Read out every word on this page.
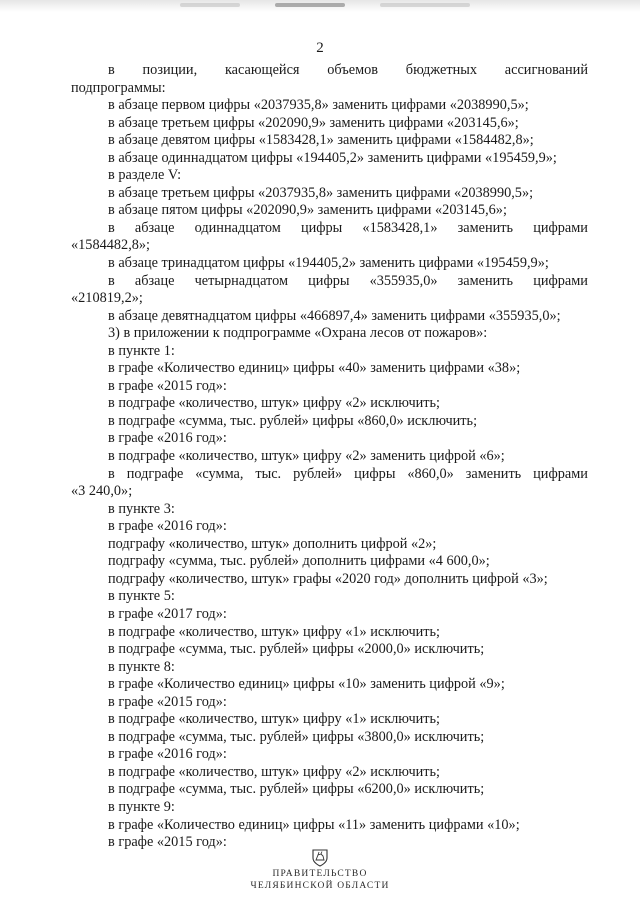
2
в позиции, касающейся объемов бюджетных ассигнований
подпрограммы:
в абзаце первом цифры «2037935,8» заменить цифрами «2038990,5»;
в абзаце третьем цифры «202090,9» заменить цифрами «203145,6»;
в абзаце девятом цифры «1583428,1» заменить цифрами «1584482,8»;
в абзаце одиннадцатом цифры «194405,2» заменить цифрами «195459,9»;
в разделе V:
в абзаце третьем цифры «2037935,8» заменить цифрами «2038990,5»;
в абзаце пятом цифры «202090,9» заменить цифрами «203145,6»;
в абзаце одиннадцатом цифры «1583428,1» заменить цифрами
«1584482,8»;
в абзаце тринадцатом цифры «194405,2» заменить цифрами «195459,9»;
в абзаце четырнадцатом цифры «355935,0» заменить цифрами
«210819,2»;
в абзаце девятнадцатом цифры «466897,4» заменить цифрами «355935,0»;
3) в приложении к подпрограмме «Охрана лесов от пожаров»:
в пункте 1:
в графе «Количество единиц» цифры «40» заменить цифрами «38»;
в графе «2015 год»:
в подграфе «количество, штук» цифру «2» исключить;
в подграфе «сумма, тыс. рублей» цифры «860,0» исключить;
в графе «2016 год»:
в подграфе «количество, штук» цифру «2» заменить цифрой «6»;
в подграфе «сумма, тыс. рублей» цифры «860,0» заменить цифрами
«3 240,0»;
в пункте 3:
в графе «2016 год»:
подграфу «количество, штук» дополнить цифрой «2»;
подграфу «сумма, тыс. рублей» дополнить цифрами «4 600,0»;
подграфу «количество, штук» графы «2020 год» дополнить цифрой «3»;
в пункте 5:
в графе «2017 год»:
в подграфе «количество, штук» цифру «1» исключить;
в подграфе «сумма, тыс. рублей» цифры «2000,0» исключить;
в пункте 8:
в графе «Количество единиц» цифры «10» заменить цифрой «9»;
в графе «2015 год»:
в подграфе «количество, штук» цифру «1» исключить;
в подграфе «сумма, тыс. рублей» цифры «3800,0» исключить;
в графе «2016 год»:
в подграфе «количество, штук» цифру «2» исключить;
в подграфе «сумма, тыс. рублей» цифры «6200,0» исключить;
в пункте 9:
в графе «Количество единиц» цифры «11» заменить цифрами «10»;
в графе «2015 год»:
ПРАВИТЕЛЬСТВО
ЧЕЛЯБИНСКОЙ ОБЛАСТИ
